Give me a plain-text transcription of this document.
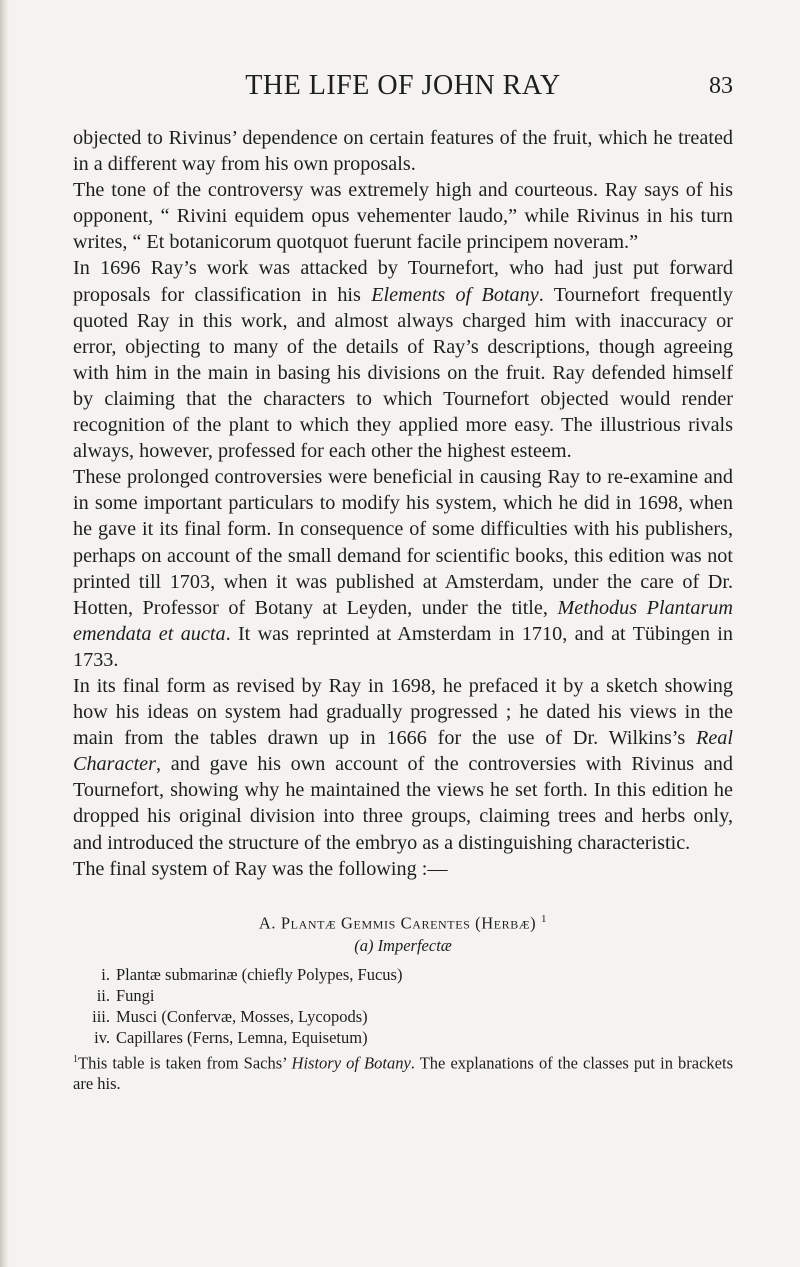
THE LIFE OF JOHN RAY	83

objected to Rivinus’ dependence on certain features of the fruit, which he treated in a different way from his own proposals.

The tone of the controversy was extremely high and courteous. Ray says of his opponent, “ Rivini equidem opus vehementer laudo,” while Rivinus in his turn writes, “ Et botanicorum quotquot fuerunt facile principem noveram.”

In 1696 Ray’s work was attacked by Tournefort, who had just put forward proposals for classification in his Elements of Botany. Tournefort frequently quoted Ray in this work, and almost always charged him with inaccuracy or error, objecting to many of the details of Ray’s descriptions, though agreeing with him in the main in basing his divisions on the fruit. Ray defended himself by claiming that the characters to which Tournefort objected would render recognition of the plant to which they applied more easy. The illustrious rivals always, however, professed for each other the highest esteem.

These prolonged controversies were beneficial in causing Ray to re-examine and in some important particulars to modify his system, which he did in 1698, when he gave it its final form. In consequence of some difficulties with his publishers, perhaps on account of the small demand for scientific books, this edition was not printed till 1703, when it was published at Amsterdam, under the care of Dr. Hotten, Professor of Botany at Leyden, under the title, Methodus Plantarum emendata et aucta. It was reprinted at Amsterdam in 1710, and at Tübingen in 1733.

In its final form as revised by Ray in 1698, he prefaced it by a sketch showing how his ideas on system had gradually progressed ; he dated his views in the main from the tables drawn up in 1666 for the use of Dr. Wilkins’s Real Character, and gave his own account of the controversies with Rivinus and Tournefort, showing why he maintained the views he set forth. In this edition he dropped his original division into three groups, claiming trees and herbs only, and introduced the structure of the embryo as a distinguishing characteristic.

The final system of Ray was the following :—

A. Plantæ Gemmis Carentes (Herbæ) $^1$
(a) Imperfectæ
i. Plantæ submarinæ (chiefly Polypes, Fucus)
ii. Fungi
iii. Musci (Confervæ, Mosses, Lycopods)
iv. Capillares (Ferns, Lemna, Equisetum)
$^1$This table is taken from Sachs’ History of Botany. The explanations of the classes put in brackets are his.
